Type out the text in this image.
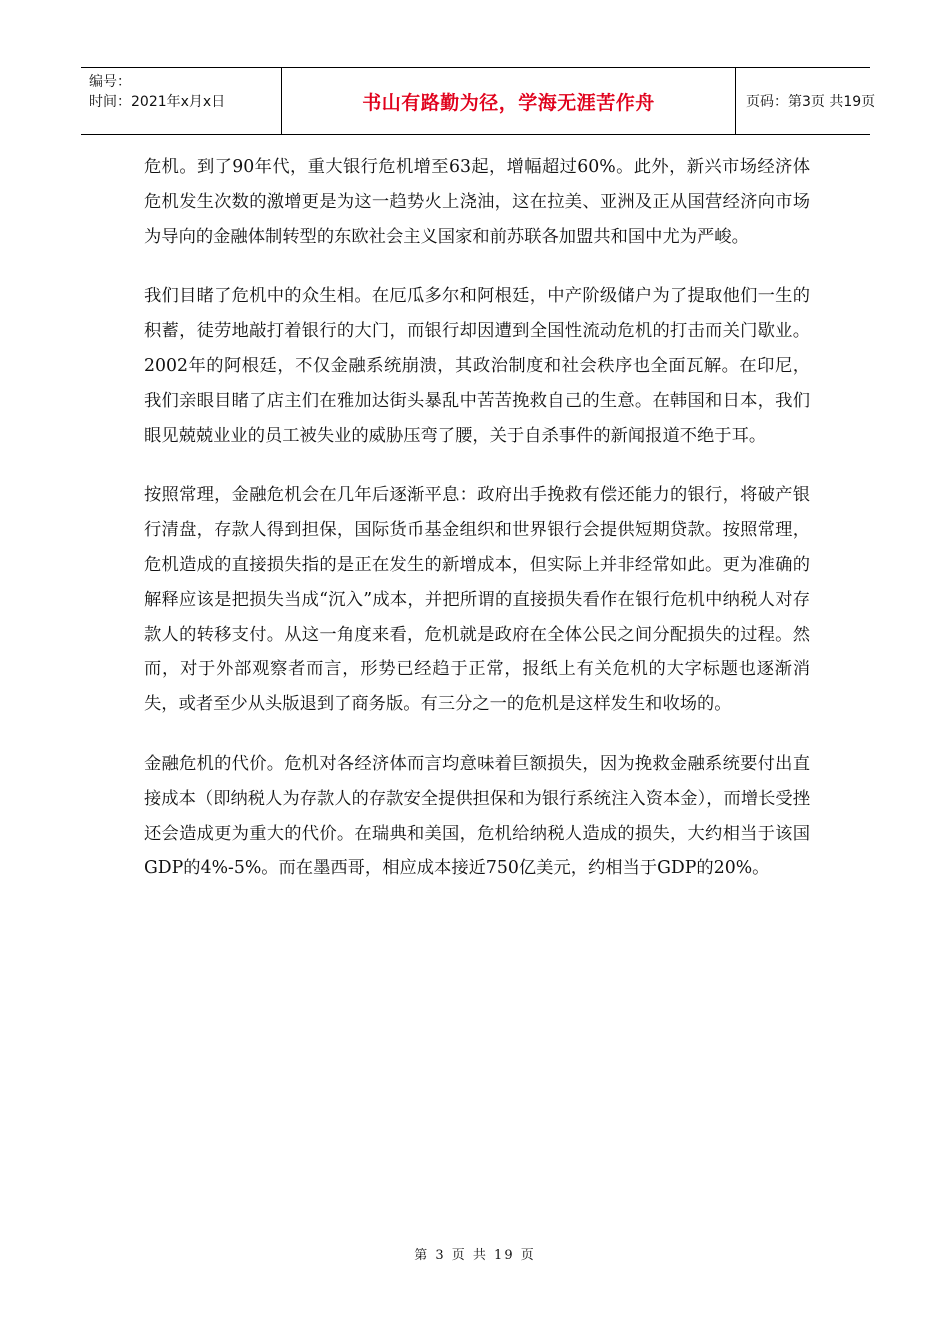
编号：
时间：2021年x月x日	书山有路勤为径，学海无涯苦作舟	页码：第3页 共19页

危机。到了90年代，重大银行危机增至63起，增幅超过60%。此外，新兴市场经济体危机发生次数的激增更是为这一趋势火上浇油，这在拉美、亚洲及正从国营经济向市场为导向的金融体制转型的东欧社会主义国家和前苏联各加盟共和国中尤为严峻。

我们目睹了危机中的众生相。在厄瓜多尔和阿根廷，中产阶级储户为了提取他们一生的积蓄，徒劳地敲打着银行的大门，而银行却因遭到全国性流动危机的打击而关门歇业。2002年的阿根廷，不仅金融系统崩溃，其政治制度和社会秩序也全面瓦解。在印尼，我们亲眼目睹了店主们在雅加达街头暴乱中苦苦挽救自己的生意。在韩国和日本，我们眼见兢兢业业的员工被失业的威胁压弯了腰，关于自杀事件的新闻报道不绝于耳。

按照常理，金融危机会在几年后逐渐平息：政府出手挽救有偿还能力的银行，将破产银行清盘，存款人得到担保，国际货币基金组织和世界银行会提供短期贷款。按照常理，危机造成的直接损失指的是正在发生的新增成本，但实际上并非经常如此。更为准确的解释应该是把损失当成“沉入”成本，并把所谓的直接损失看作在银行危机中纳税人对存款人的转移支付。从这一角度来看，危机就是政府在全体公民之间分配损失的过程。然而，对于外部观察者而言，形势已经趋于正常，报纸上有关危机的大字标题也逐渐消失，或者至少从头版退到了商务版。有三分之一的危机是这样发生和收场的。

金融危机的代价。危机对各经济体而言均意味着巨额损失，因为挽救金融系统要付出直接成本（即纳税人为存款人的存款安全提供担保和为银行系统注入资本金），而增长受挫还会造成更为重大的代价。在瑞典和美国，危机给纳税人造成的损失，大约相当于该国GDP的4%-5%。而在墨西哥，相应成本接近750亿美元，约相当于GDP的20%。

第 3 页 共 19 页
